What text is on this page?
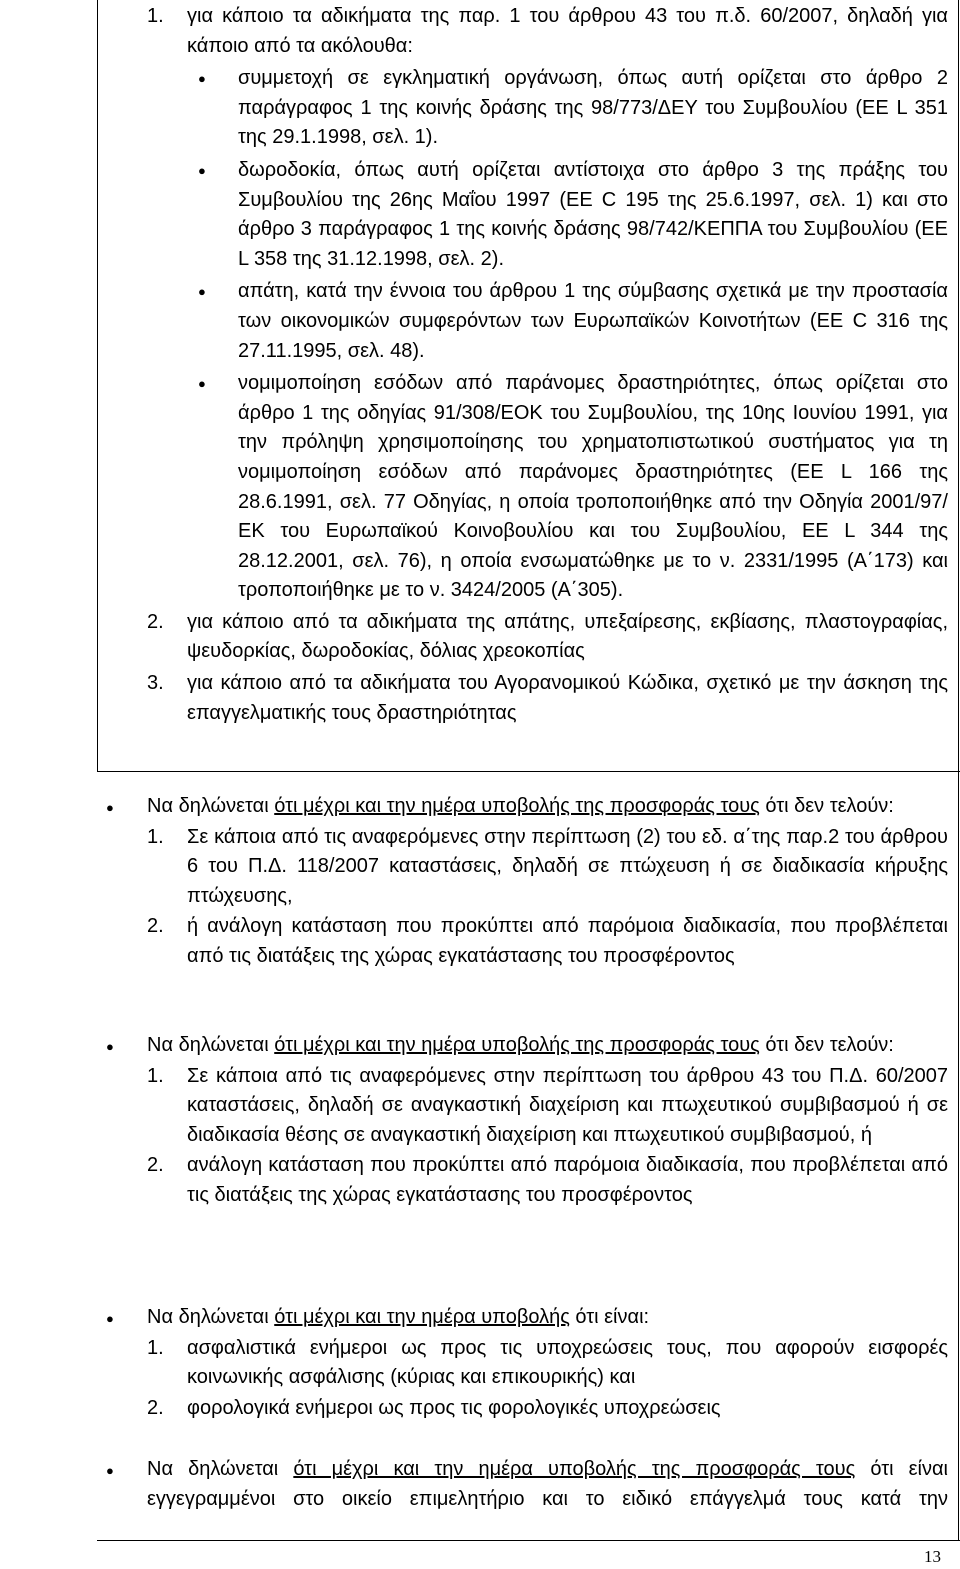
1. για κάποιο τα αδικήματα της παρ. 1 του άρθρου 43 του π.δ. 60/2007, δηλαδή για κάποιο από τα ακόλουθα:
● συμμετοχή σε εγκληματική οργάνωση, όπως αυτή ορίζεται στο άρθρο 2 παράγραφος 1 της κοινής δράσης της 98/773/ΔΕΥ του Συμβουλίου (ΕΕ L 351 της 29.1.1998, σελ. 1).
● δωροδοκία, όπως αυτή ορίζεται αντίστοιχα στο άρθρο 3 της πράξης του Συμβουλίου της 26ης Μαΐου 1997 (ΕΕ C 195 της 25.6.1997, σελ. 1) και στο άρθρο 3 παράγραφος 1 της κοινής δράσης 98/742/ΚΕΠΠΑ του Συμβουλίου (ΕΕ L 358 της 31.12.1998, σελ. 2).
● απάτη, κατά την έννοια του άρθρου 1 της σύμβασης σχετικά με την προστασία των οικονομικών συμφερόντων των Ευρωπαϊκών Κοινοτήτων (ΕΕ C 316 της 27.11.1995, σελ. 48).
● νομιμοποίηση εσόδων από παράνομες δραστηριότητες, όπως ορίζεται στο άρθρο 1 της οδηγίας 91/308/ΕΟΚ του Συμβουλίου, της 10ης Ιουνίου 1991, για την πρόληψη χρησιμοποίησης του χρηματοπιστωτικού συστήματος για τη νομιμοποίηση εσόδων από παράνομες δραστηριότητες (ΕΕ L 166 της 28.6.1991, σελ. 77 Οδηγίας, η οποία τροποποιήθηκε από την Οδηγία 2001/97/ΕΚ του Ευρωπαϊκού Κοινοβουλίου και του Συμβουλίου, ΕΕ L 344 της 28.12.2001, σελ. 76), η οποία ενσωματώθηκε με το ν. 2331/1995 (Α΄173) και τροποποιήθηκε με το ν. 3424/2005 (Α΄305).
2. για κάποιο από τα αδικήματα της απάτης, υπεξαίρεσης, εκβίασης, πλαστογραφίας, ψευδορκίας, δωροδοκίας, δόλιας χρεοκοπίας
3. για κάποιο από τα αδικήματα του Αγορανομικού Κώδικα, σχετικό με την άσκηση της επαγγελματικής τους δραστηριότητας
● Να δηλώνεται ότι μέχρι και την ημέρα υποβολής της προσφοράς τους ότι δεν τελούν:
1. Σε κάποια από τις αναφερόμενες στην περίπτωση (2) του εδ. α΄της παρ.2 του άρθρου 6 του Π.Δ. 118/2007 καταστάσεις, δηλαδή σε πτώχευση ή σε διαδικασία κήρυξης πτώχευσης,
2. ή ανάλογη κατάσταση που προκύπτει από παρόμοια διαδικασία, που προβλέπεται από τις διατάξεις της χώρας εγκατάστασης του προσφέροντος
● Να δηλώνεται ότι μέχρι και την ημέρα υποβολής της προσφοράς τους ότι δεν τελούν:
1. Σε κάποια από τις αναφερόμενες στην περίπτωση του άρθρου 43 του Π.Δ. 60/2007 καταστάσεις, δηλαδή σε αναγκαστική διαχείριση και πτωχευτικού συμβιβασμού ή σε διαδικασία θέσης σε αναγκαστική διαχείριση και πτωχευτικού συμβιβασμού, ή
2. ανάλογη κατάσταση που προκύπτει από παρόμοια διαδικασία, που προβλέπεται από τις διατάξεις της χώρας εγκατάστασης του προσφέροντος
● Να δηλώνεται ότι μέχρι και την ημέρα υποβολής ότι είναι:
1. ασφαλιστικά ενήμεροι ως προς τις υποχρεώσεις τους, που αφορούν εισφορές κοινωνικής ασφάλισης (κύριας και επικουρικής) και
2. φορολογικά ενήμεροι ως προς τις φορολογικές υποχρεώσεις
● Να δηλώνεται ότι μέχρι και την ημέρα υποβολής της προσφοράς τους ότι είναι εγγεγραμμένοι στο οικείο επιμελητήριο και το ειδικό επάγγελμά τους κατά την
13
